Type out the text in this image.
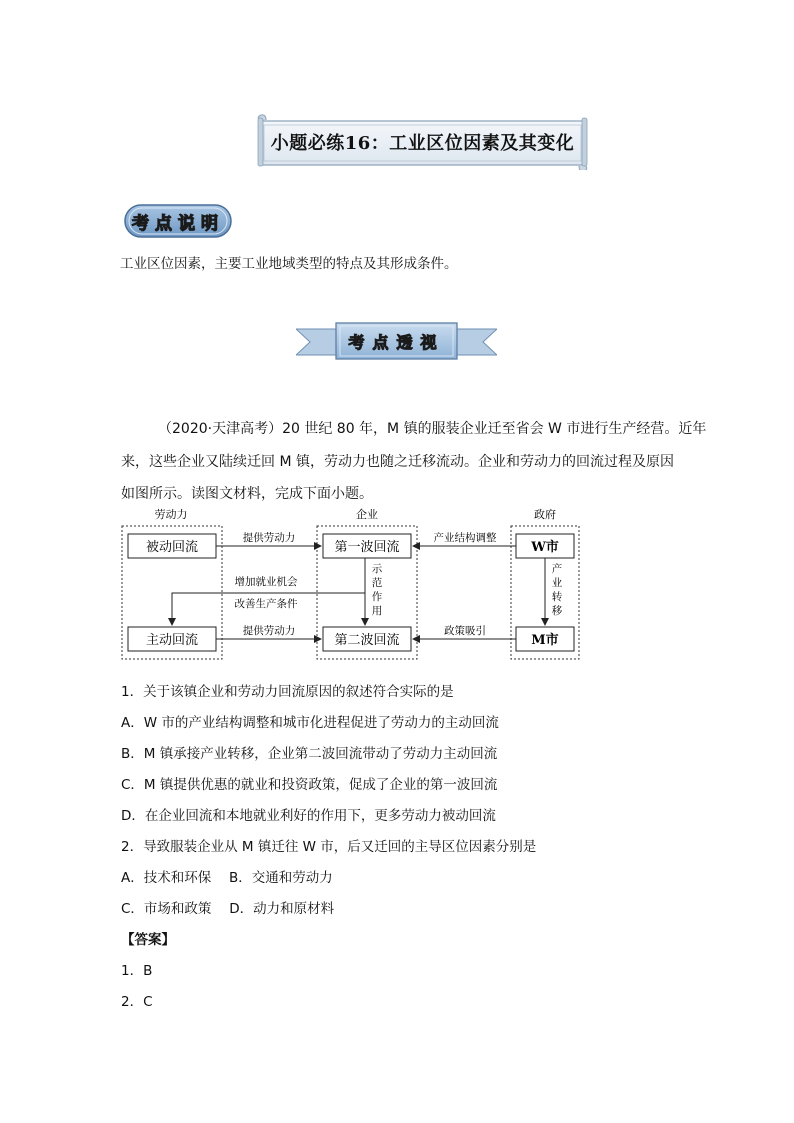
小题必练16：工业区位因素及其变化
考点说明
工业区位因素，主要工业地域类型的特点及其形成条件。
考点透视
（2020·天津高考）20 世纪 80 年，M 镇的服装企业迁至省会 W 市进行生产经营。近年
来，这些企业又陆续迁回 M 镇，劳动力也随之迁移流动。企业和劳动力的回流过程及原因
如图所示。读图文材料，完成下面小题。
劳动力	企业	政府
被动回流
主动回流
第一波回流
第二波回流
W市
M市
提供劳动力
提供劳动力
产业结构调整
政策吸引
产
业
转
移
示
范
作
用
增加就业机会
改善生产条件
1．关于该镇企业和劳动力回流原因的叙述符合实际的是
A．W 市的产业结构调整和城市化进程促进了劳动力的主动回流
B．M 镇承接产业转移，企业第二波回流带动了劳动力主动回流
C．M 镇提供优惠的就业和投资政策，促成了企业的第一波回流
D．在企业回流和本地就业利好的作用下，更多劳动力被动回流
2．导致服装企业从 M 镇迁往 W 市，后又迁回的主导区位因素分别是
A．技术和环保　 B．交通和劳动力
C．市场和政策　 D．动力和原材料
【答案】
1．B
2．C
